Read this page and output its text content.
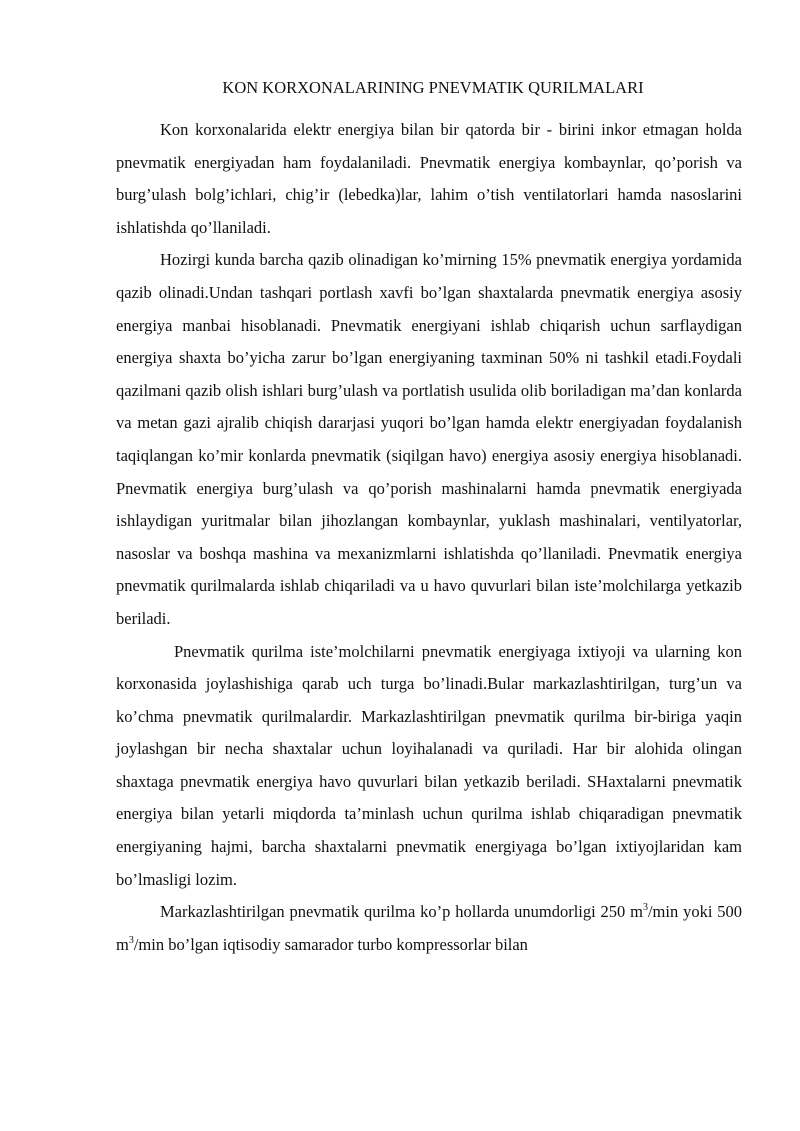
KON KORXONALARINING PNEVMATIK QURILMALARI

Kon korxonalarida elektr energiya bilan bir qatorda bir - birini inkor etmagan holda pnevmatik energiyadan ham foydalaniladi. Pnevmatik energiya kombaynlar, qo’porish va burg’ulash bolg’ichlari, chig’ir (lebedka)lar, lahim o’tish ventilatorlari hamda nasoslarini ishlatishda qo’llaniladi.

Hozirgi kunda barcha qazib olinadigan ko’mirning 15% pnevmatik energiya yordamida qazib olinadi.Undan tashqari portlash xavfi bo’lgan shaxtalarda pnevmatik energiya asosiy energiya manbai hisoblanadi. Pnevmatik energiyani ishlab chiqarish uchun sarflaydigan energiya shaxta bo’yicha zarur bo’lgan energiyaning taxminan 50% ni tashkil etadi.Foydali qazilmani qazib olish ishlari burg’ulash va portlatish usulida olib boriladigan ma’dan konlarda va metan gazi ajralib chiqish dararjasi yuqori bo’lgan hamda elektr energiyadan foydalanish taqiqlangan ko’mir konlarda pnevmatik (siqilgan havo) energiya asosiy energiya hisoblanadi. Pnevmatik energiya burg’ulash va qo’porish mashinalarni hamda pnevmatik energiyada ishlaydigan yuritmalar bilan jihozlangan kombaynlar, yuklash mashinalari, ventilyatorlar, nasoslar va boshqa mashina va mexanizmlarni ishlatishda qo’llaniladi. Pnevmatik energiya pnevmatik qurilmalarda ishlab chiqariladi va u havo quvurlari bilan iste’molchilarga yetkazib beriladi.

Pnevmatik qurilma iste’molchilarni pnevmatik energiyaga ixtiyoji va ularning kon korxonasida joylashishiga qarab uch turga bo’linadi.Bular markazlashtirilgan, turg’un va ko’chma pnevmatik qurilmalardir. Markazlashtirilgan pnevmatik qurilma bir-biriga yaqin joylashgan bir necha shaxtalar uchun loyihalanadi va quriladi. Har bir alohida olingan shaxtaga pnevmatik energiya havo quvurlari bilan yetkazib beriladi. SHaxtalarni pnevmatik energiya bilan yetarli miqdorda ta’minlash uchun qurilma ishlab chiqaradigan pnevmatik energiyaning hajmi, barcha shaxtalarni pnevmatik energiyaga bo’lgan ixtiyojlaridan kam bo’lmasligi lozim.

Markazlashtirilgan pnevmatik qurilma ko’p hollarda unumdorligi 250 $m^3/\min$ yoki 500 $m^3/\min$ bo’lgan iqtisodiy samarador turbo kompressorlar bilan
